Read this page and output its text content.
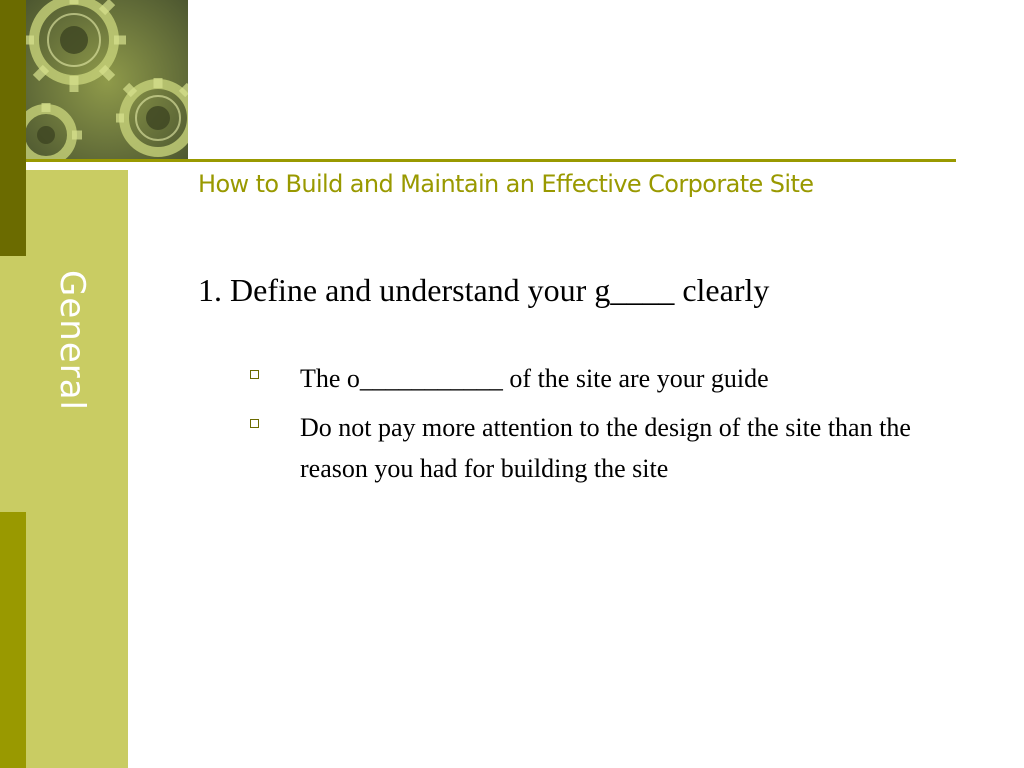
How to Build and Maintain an Effective Corporate Site
General	1. Define and understand your g____ clearly
The o___________ of the site are your guide
Do not pay more attention to the design of the site than the reason you had for building the site
